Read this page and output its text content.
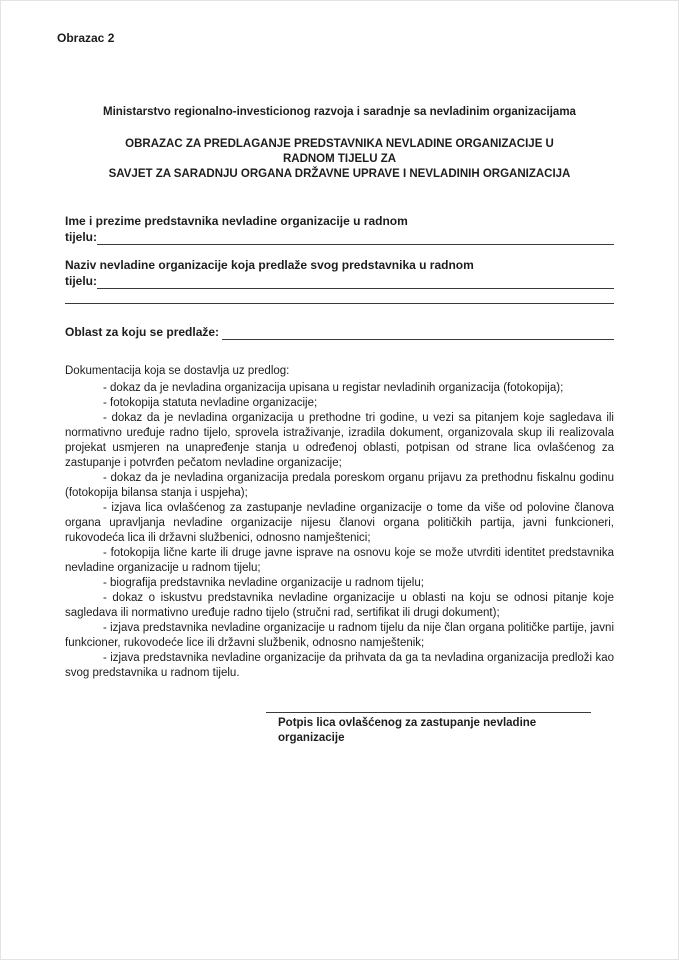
Obrazac 2
Ministarstvo regionalno-investicionog razvoja i saradnje sa nevladinim organizacijama
OBRAZAC ZA PREDLAGANJE PREDSTAVNIKA NEVLADINE ORGANIZACIJE U
RADNOM TIJELU ZA
SAVJET ZA SARADNJU ORGANA DRŽAVNE UPRAVE I NEVLADINIH ORGANIZACIJA
Ime i prezime predstavnika nevladine organizacije u radnom
tijelu:
Naziv nevladine organizacije koja predlaže svog predstavnika u radnom
tijelu:
Oblast za koju se predlaže:
Dokumentacija koja se dostavlja uz predlog:

- dokaz da je nevladina organizacija upisana u registar nevladinih organizacija (fotokopija);

- fotokopija statuta nevladine organizacije;

- dokaz da je nevladina organizacija u prethodne tri godine, u vezi sa pitanjem koje sagledava ili normativno uređuje radno tijelo, sprovela istraživanje, izradila dokument, organizovala skup ili realizovala projekat usmjeren na unapređenje stanja u određenoj oblasti, potpisan od strane lica ovlašćenog za zastupanje i potvrđen pečatom nevladine organizacije;

- dokaz da je nevladina organizacija predala poreskom organu prijavu za prethodnu fiskalnu godinu (fotokopija bilansa stanja i uspjeha);

- izjava lica ovlašćenog za zastupanje nevladine organizacije o tome da više od polovine članova organa upravljanja nevladine organizacije nijesu članovi organa političkih partija, javni funkcioneri, rukovodeća lica ili državni službenici, odnosno namještenici;

- fotokopija lične karte ili druge javne isprave na osnovu koje se može utvrditi identitet predstavnika nevladine organizacije u radnom tijelu;

- biografija predstavnika nevladine organizacije u radnom tijelu;

- dokaz o iskustvu predstavnika nevladine organizacije u oblasti na koju se odnosi pitanje koje sagledava ili normativno uređuje radno tijelo (stručni rad, sertifikat ili drugi dokument);

- izjava predstavnika nevladine organizacije u radnom tijelu da nije član organa političke partije, javni funkcioner, rukovodeće lice ili državni službenik, odnosno namještenik;

- izjava predstavnika nevladine organizacije da prihvata da ga ta nevladina organizacija predloži kao svog predstavnika u radnom tijelu.

Potpis lica ovlašćenog za zastupanje nevladine organizacije
